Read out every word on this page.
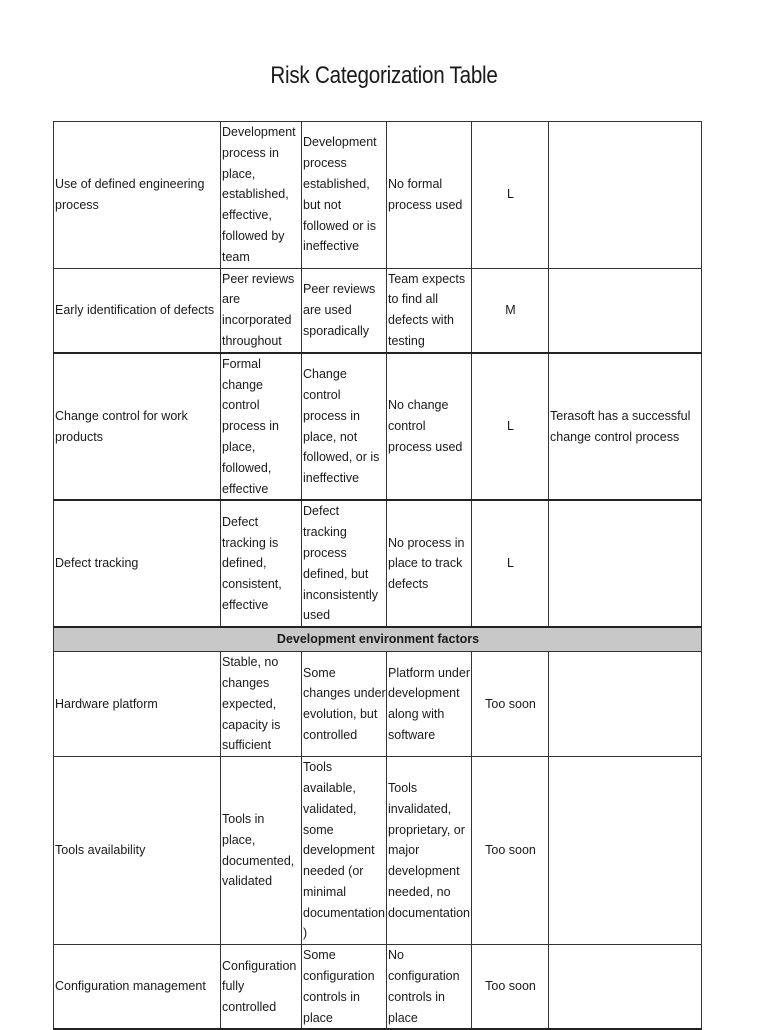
Risk Categorization Table
Use of defined engineering process	Development process in place, established, effective, followed by team	Development process established, but not followed or is ineffective	No formal process used	L	
Early identification of defects	Peer reviews are incorporated throughout	Peer reviews are used sporadically	Team expects to find all defects with testing	M	
Change control for work products	Formal change control process in place, followed, effective	Change control process in place, not followed, or is ineffective	No change control process used	L	Terasoft has a successful change control process
Defect tracking	Defect tracking is defined, consistent, effective	Defect tracking process defined, but inconsistently used	No process in place to track defects	L	
Development environment factors					
Hardware platform	Stable, no changes expected, capacity is sufficient	Some changes under evolution, but controlled	Platform under development along with software	Too soon	
Tools availability	Tools in place, documented, validated	Tools available, validated, some development needed (or minimal documentation)	Tools invalidated, proprietary, or major development needed, no documentation	Too soon	
Configuration management	Configuration fully controlled	Some configuration controls in place	No configuration controls in place	Too soon	
